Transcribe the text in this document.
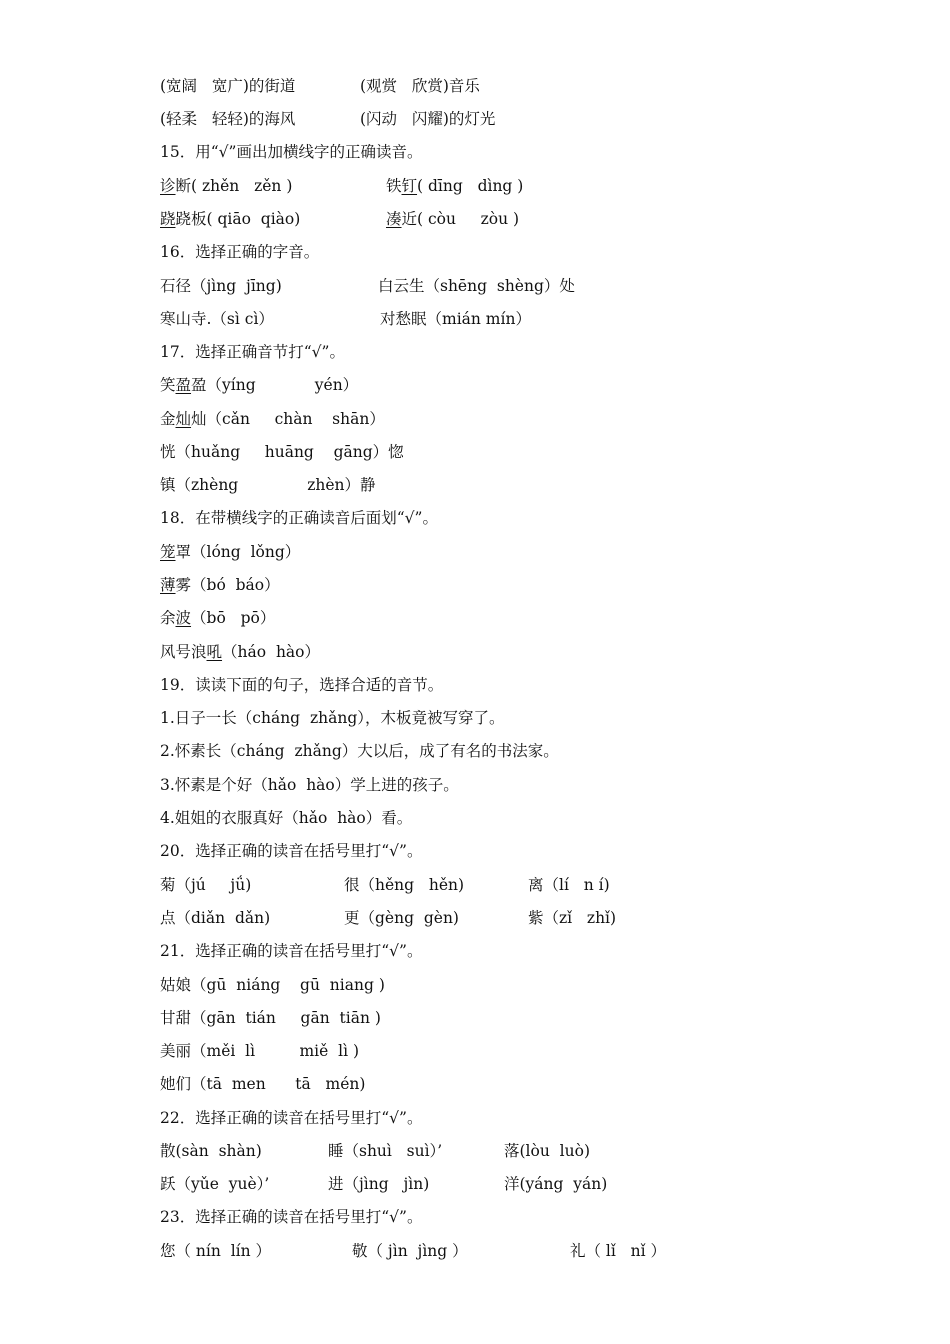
(宽阔   宽广)的街道	(观赏   欣赏)音乐
(轻柔   轻轻)的海风	(闪动   闪耀)的灯光
15．用“√”画出加横线字的正确读音。
诊断( zhěn   zěn )	铁钉( dīng   dìng )
跷跷板( qiāo  qiào)	凑近( còu     zòu )
16．选择正确的字音。
石径（jìng  jīng)	白云生（shēng  shèng）处
寒山寺.（sì cì）	对愁眠（mián mín）
17．选择正确音节打“√”。
笑盈盈（yíng            yén）
金灿灿（cǎn     chàn    shān）
恍（huǎng     huāng    gāng）惚
镇（zhèng              zhèn）静
18．在带横线字的正确读音后面划“√”。
笼罩（lóng  lǒng）
薄雾（bó  báo）
余波（bō   pō）
风号浪吼（háo  hào）
19．读读下面的句子，选择合适的音节。
1.日子一长（cháng  zhǎng），木板竟被写穿了。
2.怀素长（cháng  zhǎng）大以后，成了有名的书法家。
3.怀素是个好（hǎo  hào）学上进的孩子。
4.姐姐的衣服真好（hǎo  hào）看。
20．选择正确的读音在括号里打“√”。
菊（jú     jǘ)	很（hěng   hěn)	离（lí   n í)
点（diǎn  dǎn)	更（gèng  gèn)	紫（zǐ   zhǐ)
21．选择正确的读音在括号里打“√”。
姑娘（gū  niáng    gū  niang )
甘甜（gān  tián     gān  tiān )
美丽（měi  lì         miě  lì )
她们（tā  men      tā   mén)
22．选择正确的读音在括号里打“√”。
散(sàn  shàn)	睡（shuì   suì）’	落(lòu  luò)
跃（yǔe  yuè）’	进（jìng   jìn)	洋(yáng  yán)
23．选择正确的读音在括号里打“√”。
您（ nín  lín ）	敬（ jìn  jìng ）	礼（ lǐ   nǐ ）
